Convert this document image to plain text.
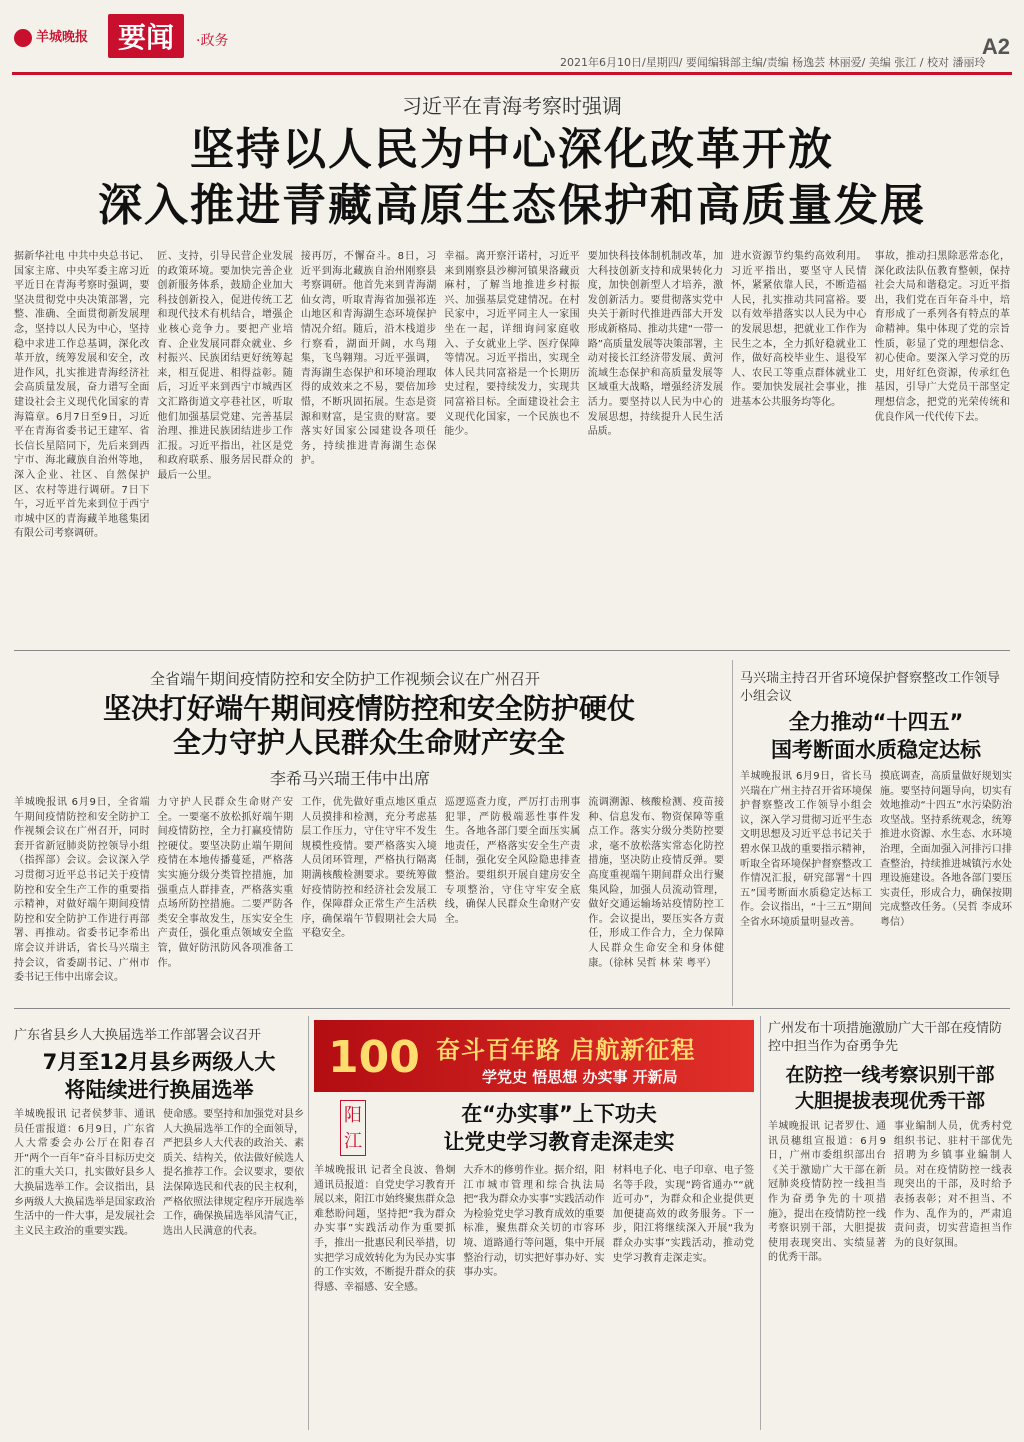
羊城晚报	要闻	·政务
2021年6月10日/星期四/ 要闻编辑部主编/责编 杨逸芸 林丽爱/ 美编 张江 / 校对 潘丽玲
A2
习近平在青海考察时强调
坚持以人民为中心深化改革开放
深入推进青藏高原生态保护和高质量发展
据新华社电 中共中央总书记、国家主席、中央军委主席习近平近日在青海考察时强调，要坚决贯彻党中央决策部署，完整、准确、全面贯彻新发展理念，坚持以人民为中心，坚持稳中求进工作总基调，深化改革开放，统筹发展和安全，改进作风，扎实推进青海经济社会高质量发展，奋力谱写全面建设社会主义现代化国家的青海篇章。6月7日至9日，习近平在青海省委书记王建军、省长信长星陪同下，先后来到西宁市、海北藏族自治州等地，深入企业、社区、自然保护区、农村等进行调研。7日下午，习近平首先来到位于西宁市城中区的青海藏羊地毯集团有限公司考察调研。
匠、支持，引导民营企业发展的政策环境。要加快完善企业创新服务体系，鼓励企业加大科技创新投入，促进传统工艺和现代技术有机结合，增强企业核心竞争力。要把产业培育、企业发展同群众就业、乡村振兴、民族团结更好统筹起来，相互促进、相得益彰。随后，习近平来到西宁市城西区文汇路街道文亭巷社区，听取他们加强基层党建、完善基层治理、推进民族团结进步工作汇报。习近平指出，社区是党和政府联系、服务居民群众的最后一公里。
接再厉，不懈奋斗。8日，习近平到海北藏族自治州刚察县考察调研。他首先来到青海湖仙女湾，听取青海省加强祁连山地区和青海湖生态环境保护情况介绍。随后，沿木栈道步行察看，湖面开阔，水鸟翔集，飞鸟翱翔。习近平强调，青海湖生态保护和环境治理取得的成效来之不易，要倍加珍惜，不断巩固拓展。生态是资源和财富，是宝贵的财富。要落实好国家公园建设各项任务，持续推进青海湖生态保护。
幸福。离开察汗诺村，习近平来到刚察县沙柳河镇果洛藏贡麻村，了解当地推进乡村振兴、加强基层党建情况。在村民家中，习近平同主人一家围坐在一起，详细询问家庭收入、子女就业上学、医疗保障等情况。习近平指出，实现全体人民共同富裕是一个长期历史过程，要持续发力，实现共同富裕目标。全面建设社会主义现代化国家，一个民族也不能少。
要加快科技体制机制改革，加大科技创新支持和成果转化力度，加快创新型人才培养，激发创新活力。要贯彻落实党中央关于新时代推进西部大开发形成新格局、推动共建“一带一路”高质量发展等决策部署，主动对接长江经济带发展、黄河流域生态保护和高质量发展等区域重大战略，增强经济发展活力。要坚持以人民为中心的发展思想，持续提升人民生活品质。
进水资源节约集约高效利用。习近平指出，要坚守人民情怀，紧紧依靠人民，不断造福人民，扎实推动共同富裕。要以有效举措落实以人民为中心的发展思想，把就业工作作为民生之本，全力抓好稳就业工作，做好高校毕业生、退役军人、农民工等重点群体就业工作。要加快发展社会事业，推进基本公共服务均等化。
事故，推动扫黑除恶常态化，深化政法队伍教育整顿，保持社会大局和谐稳定。习近平指出，我们党在百年奋斗中，培育形成了一系列各有特点的革命精神。集中体现了党的宗旨性质，彰显了党的理想信念、初心使命。要深入学习党的历史，用好红色资源，传承红色基因，引导广大党员干部坚定理想信念，把党的光荣传统和优良作风一代代传下去。
全省端午期间疫情防控和安全防护工作视频会议在广州召开
坚决打好端午期间疫情防控和安全防护硬仗
全力守护人民群众生命财产安全
李希马兴瑞王伟中出席
羊城晚报讯 6月9日，全省端午期间疫情防控和安全防护工作视频会议在广州召开，同时套开省新冠肺炎防控领导小组（指挥部）会议。会议深入学习贯彻习近平总书记关于疫情防控和安全生产工作的重要指示精神，对做好端午期间疫情防控和安全防护工作进行再部署、再推动。省委书记李希出席会议并讲话，省长马兴瑞主持会议，省委副书记、广州市委书记王伟中出席会议。
力守护人民群众生命财产安全。一要毫不放松抓好端午期间疫情防控，全力打赢疫情防控硬仗。要坚决防止端午期间疫情在本地传播蔓延，严格落实实施分级分类管控措施，加强重点人群排查，严格落实重点场所防控措施。二要严防各类安全事故发生，压实安全生产责任，强化重点领域安全监管，做好防汛防风各项准备工作。
工作，优先做好重点地区重点人员摸排和检测，充分考虑基层工作压力，守住守牢不发生规模性疫情。要严格落实入境人员闭环管理，严格执行隔离期满核酸检测要求。要统筹做好疫情防控和经济社会发展工作，保障群众正常生产生活秩序，确保端午节假期社会大局平稳安全。
巡逻巡查力度，严厉打击刑事犯罪，严防极端恶性事件发生。各地各部门要全面压实属地责任，严格落实安全生产责任制，强化安全风险隐患排查整治。要组织开展自建房安全专项整治，守住守牢安全底线，确保人民群众生命财产安全。
流调溯源、核酸检测、疫苗接种、信息发布、物资保障等重点工作。落实分级分类防控要求，毫不放松落实常态化防控措施，坚决防止疫情反弹。要高度重视端午期间群众出行聚集风险，加强人员流动管理，做好交通运输场站疫情防控工作。会议提出，要压实各方责任，形成工作合力，全力保障人民群众生命安全和身体健康。（徐林 吴哲 林 荣 粤平）
马兴瑞主持召开省环境保护督察整改工作领导小组会议
全力推动“十四五”
国考断面水质稳定达标
羊城晚报讯 6月9日，省长马兴瑞在广州主持召开省环境保护督察整改工作领导小组会议，深入学习贯彻习近平生态文明思想及习近平总书记关于碧水保卫战的重要指示精神，听取全省环境保护督察整改工作情况汇报，研究部署“十四五”国考断面水质稳定达标工作。会议指出，“十三五”期间全省水环境质量明显改善。
摸底调查，高质量做好规划实施。要坚持问题导向，切实有效地推动“十四五”水污染防治攻坚战。坚持系统观念，统筹推进水资源、水生态、水环境治理，全面加强入河排污口排查整治，持续推进城镇污水处理设施建设。各地各部门要压实责任，形成合力，确保按期完成整改任务。（吴哲 李成环 粤信）
广东省县乡人大换届选举工作部署会议召开
7月至12月县乡两级人大
将陆续进行换届选举
羊城晚报讯 记者侯梦菲、通讯员任雷报道：6月9日，广东省人大常委会办公厅在阳春召开“两个一百年”奋斗目标历史交汇的重大关口，扎实做好县乡人大换届选举工作。会议指出，县乡两级人大换届选举是国家政治生活中的一件大事，是发展社会主义民主政治的重要实践。
使命感。要坚持和加强党对县乡人大换届选举工作的全面领导，严把县乡人大代表的政治关、素质关、结构关，依法做好候选人提名推荐工作。会议要求，要依法保障选民和代表的民主权利，严格依照法律规定程序开展选举工作，确保换届选举风清气正，选出人民满意的代表。
100 奋斗百年路 启航新征程
学党史 悟思想 办实事 开新局
阳江
在“办实事”上下功夫
让党史学习教育走深走实
羊城晚报讯 记者全良波、鲁炯通讯员报道：自党史学习教育开展以来，阳江市始终聚焦群众急难愁盼问题，坚持把“我为群众办实事”实践活动作为重要抓手，推出一批惠民利民举措，切实把学习成效转化为为民办实事的工作实效，不断提升群众的获得感、幸福感、安全感。
大乔木的修剪作业。据介绍，阳江市城市管理和综合执法局把“我为群众办实事”实践活动作为检验党史学习教育成效的重要标准，聚焦群众关切的市容环境、道路通行等问题，集中开展整治行动，切实把好事办好、实事办实。
材料电子化、电子印章、电子签名等手段，实现“跨省通办”“就近可办”，为群众和企业提供更加便捷高效的政务服务。下一步，阳江将继续深入开展“我为群众办实事”实践活动，推动党史学习教育走深走实。
广州发布十项措施激励广大干部在疫情防控中担当作为奋勇争先
在防控一线考察识别干部
大胆提拔表现优秀干部
羊城晚报讯 记者罗仕、通讯员穗组宣报道：6月9日，广州市委组织部出台《关于激励广大干部在新冠肺炎疫情防控一线担当作为奋勇争先的十项措施》，提出在疫情防控一线考察识别干部，大胆提拔使用表现突出、实绩显著的优秀干部。
事业编制人员，优秀村党组织书记、驻村干部优先招聘为乡镇事业编制人员。对在疫情防控一线表现突出的干部，及时给予表扬表彰；对不担当、不作为、乱作为的，严肃追责问责，切实营造担当作为的良好氛围。
